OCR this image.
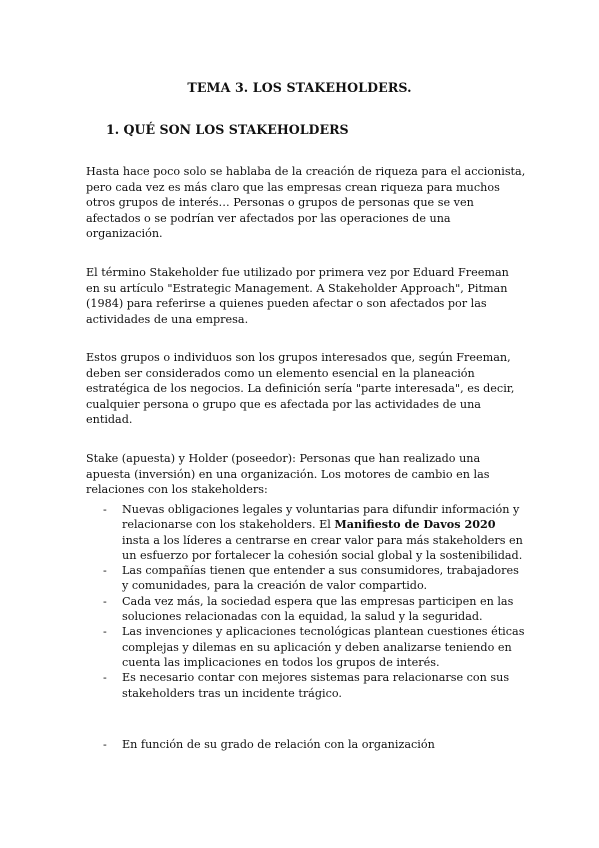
TEMA 3. LOS STAKEHOLDERS.
1. QUÉ SON LOS STAKEHOLDERS

Hasta hace poco solo se hablaba de la creación de riqueza para el accionista, pero cada vez es más claro que las empresas crean riqueza para muchos otros grupos de interés… Personas o grupos de personas que se ven afectados o se podrían ver afectados por las operaciones de una organización.

El término Stakeholder fue utilizado por primera vez por Eduard Freeman en su artículo "Estrategic Management. A Stakeholder Approach", Pitman (1984) para referirse a quienes pueden afectar o son afectados por las actividades de una empresa.

Estos grupos o individuos son los grupos interesados que, según Freeman, deben ser considerados como un elemento esencial en la planeación estratégica de los negocios. La definición sería "parte interesada", es decir, cualquier persona o grupo que es afectada por las actividades de una entidad.

Stake (apuesta) y Holder (poseedor): Personas que han realizado una apuesta (inversión) en una organización. Los motores de cambio en las relaciones con los stakeholders:

- Nuevas obligaciones legales y voluntarias para difundir información y relacionarse con los stakeholders. El Manifiesto de Davos 2020 insta a los líderes a centrarse en crear valor para más stakeholders en un esfuerzo por fortalecer la cohesión social global y la sostenibilidad.
- Las compañías tienen que entender a sus consumidores, trabajadores y comunidades, para la creación de valor compartido.
- Cada vez más, la sociedad espera que las empresas participen en las soluciones relacionadas con la equidad, la salud y la seguridad.
- Las invenciones y aplicaciones tecnológicas plantean cuestiones éticas complejas y dilemas en su aplicación y deben analizarse teniendo en cuenta las implicaciones en todos los grupos de interés.
- Es necesario contar con mejores sistemas para relacionarse con sus stakeholders tras un incidente trágico.
- En función de su grado de relación con la organización
